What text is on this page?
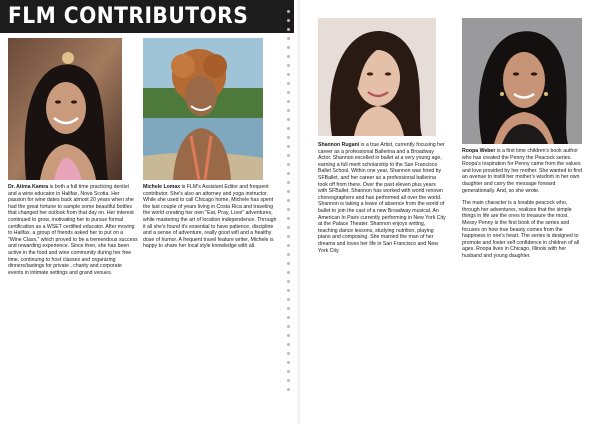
FLM CONTRIBUTORS

Dr. Atima Kamra is both a full time practicing dentist and a wine educator in Halifax, Nova Scotia. Her passion for wine dates back almost 20 years when she had the great fortune to sample some beautiful bottles that changed her outlook from that day on. Her interest continued to grow, motivating her to pursue formal certification as a WSET certified educator. After moving to Halifax, a group of friends asked her to put on a "Wine Class," which proved to be a tremendous success and rewarding experience. Since then, she has been active in the food and wine community during her free time, continuing to host classes and organizing dinners/tastings for private , charity and corporate events in intimate settings and grand venues.

Michele Lomax is FLM's Assistant Editor and frequent contributor. She's also an attorney and yoga instructor. While she used to call Chicago home, Michele has spent the last couple of years living in Costa Rica and traveling the world creating her own "Eat, Pray, Love" adventures, while mastering the art of location independence. Through it all she's found it's essential to have patience, discipline and a sense of adventure, really good wifi and a healthy dose of humor. A frequent travel feature writer, Michele is happy to share her local style knowledge with all.

Shannon Rugani is a true Artist, currently focusing her career as a professional Ballerina and a Broadway Actor. Shannon excelled in ballet at a very young age, earning a full merit scholarship to the San Francisco Ballet School. Within one year, Shannon was hired by SFBallet, and her career as a professional ballerina took off from there. Over the past eleven plus years with SFBallet, Shannon has worked with world renown choreographers and has performed all over the world. Shannon is taking a leave of absence from the world of ballet to join the cast of a new Broadway musical, An American In Paris currently performing in New York City at the Palace Theater. Shannon enjoys writing, teaching dance lessons, studying nutrition, playing piano and composing. She married the man of her dreams and loves her life in San Francisco and New York City.

Roopa Weber is a first time children's book author who has created the Penny the Peacock series. Roopa's inspiration for Penny came from the values and love provided by her mother. She wanted to find an avenue to instill her mother's wisdom in her own daughter and carry the message forward generationally. And, so she wrote.

The main character is a lovable peacock who, through her adventures, realizes that the simple things in life are the ones to treasure the most. Messy Penny is the first book of the series and focuses on how true beauty comes from the happiness in one's heart. The series is designed to promote and foster self confidence in children of all ages. Roopa lives in Chicago, Illinois with her husband and young daughter.
